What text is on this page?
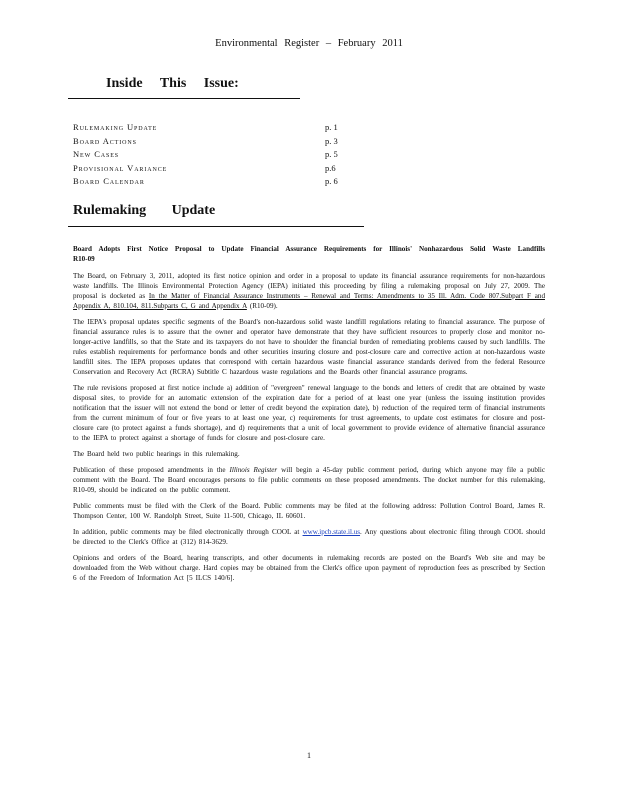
Environmental Register – February 2011
Inside This Issue:
Rulemaking Update	p. 1
Board Actions	p. 3
New Cases	p. 5
Provisional Variance	p.6
Board Calendar	p. 6
Rulemaking Update
Board Adopts First Notice Proposal to Update Financial Assurance Requirements for Illinois' Nonhazardous Solid Waste Landfills R10-09

The Board, on February 3, 2011, adopted its first notice opinion and order in a proposal to update its financial assurance requirements for non-hazardous waste landfills. The Illinois Environmental Protection Agency (IEPA) initiated this proceeding by filing a rulemaking proposal on July 27, 2009. The proposal is docketed as In the Matter of Financial Assurance Instruments – Renewal and Terms: Amendments to 35 Ill. Adm. Code 807.Subpart F and Appendix A, 810.104, 811.Subparts C, G and Appendix A (R10-09).

The IEPA's proposal updates specific segments of the Board's non-hazardous solid waste landfill regulations relating to financial assurance. The purpose of financial assurance rules is to assure that the owner and operator have demonstrate that they have sufficient resources to properly close and monitor no-longer-active landfills, so that the State and its taxpayers do not have to shoulder the financial burden of remediating problems caused by such landfills. The rules establish requirements for performance bonds and other securities insuring closure and post-closure care and corrective action at non-hazardous waste landfill sites. The IEPA proposes updates that correspond with certain hazardous waste financial assurance standards derived from the federal Resource Conservation and Recovery Act (RCRA) Subtitle C hazardous waste regulations and the Boards other financial assurance programs.

The rule revisions proposed at first notice include a) addition of "evergreen" renewal language to the bonds and letters of credit that are obtained by waste disposal sites, to provide for an automatic extension of the expiration date for a period of at least one year (unless the issuing institution provides notification that the issuer will not extend the bond or letter of credit beyond the expiration date), b) reduction of the required term of financial instruments from the current minimum of four or five years to at least one year, c) requirements for trust agreements, to update cost estimates for closure and post-closure care (to protect against a funds shortage), and d) requirements that a unit of local government to provide evidence of alternative financial assurance to the IEPA to protect against a shortage of funds for closure and post-closure care.

The Board held two public hearings in this rulemaking.

Publication of these proposed amendments in the Illinois Register will begin a 45-day public comment period, during which anyone may file a public comment with the Board. The Board encourages persons to file public comments on these proposed amendments. The docket number for this rulemaking, R10-09, should be indicated on the public comment.

Public comments must be filed with the Clerk of the Board. Public comments may be filed at the following address: Pollution Control Board, James R. Thompson Center, 100 W. Randolph Street, Suite 11-500, Chicago, IL 60601.

In addition, public comments may be filed electronically through COOL at www.ipcb.state.il.us. Any questions about electronic filing through COOL should be directed to the Clerk's Office at (312) 814-3629.

Opinions and orders of the Board, hearing transcripts, and other documents in rulemaking records are posted on the Board's Web site and may be downloaded from the Web without charge. Hard copies may be obtained from the Clerk's office upon payment of reproduction fees as prescribed by Section 6 of the Freedom of Information Act [5 ILCS 140/6].

1
